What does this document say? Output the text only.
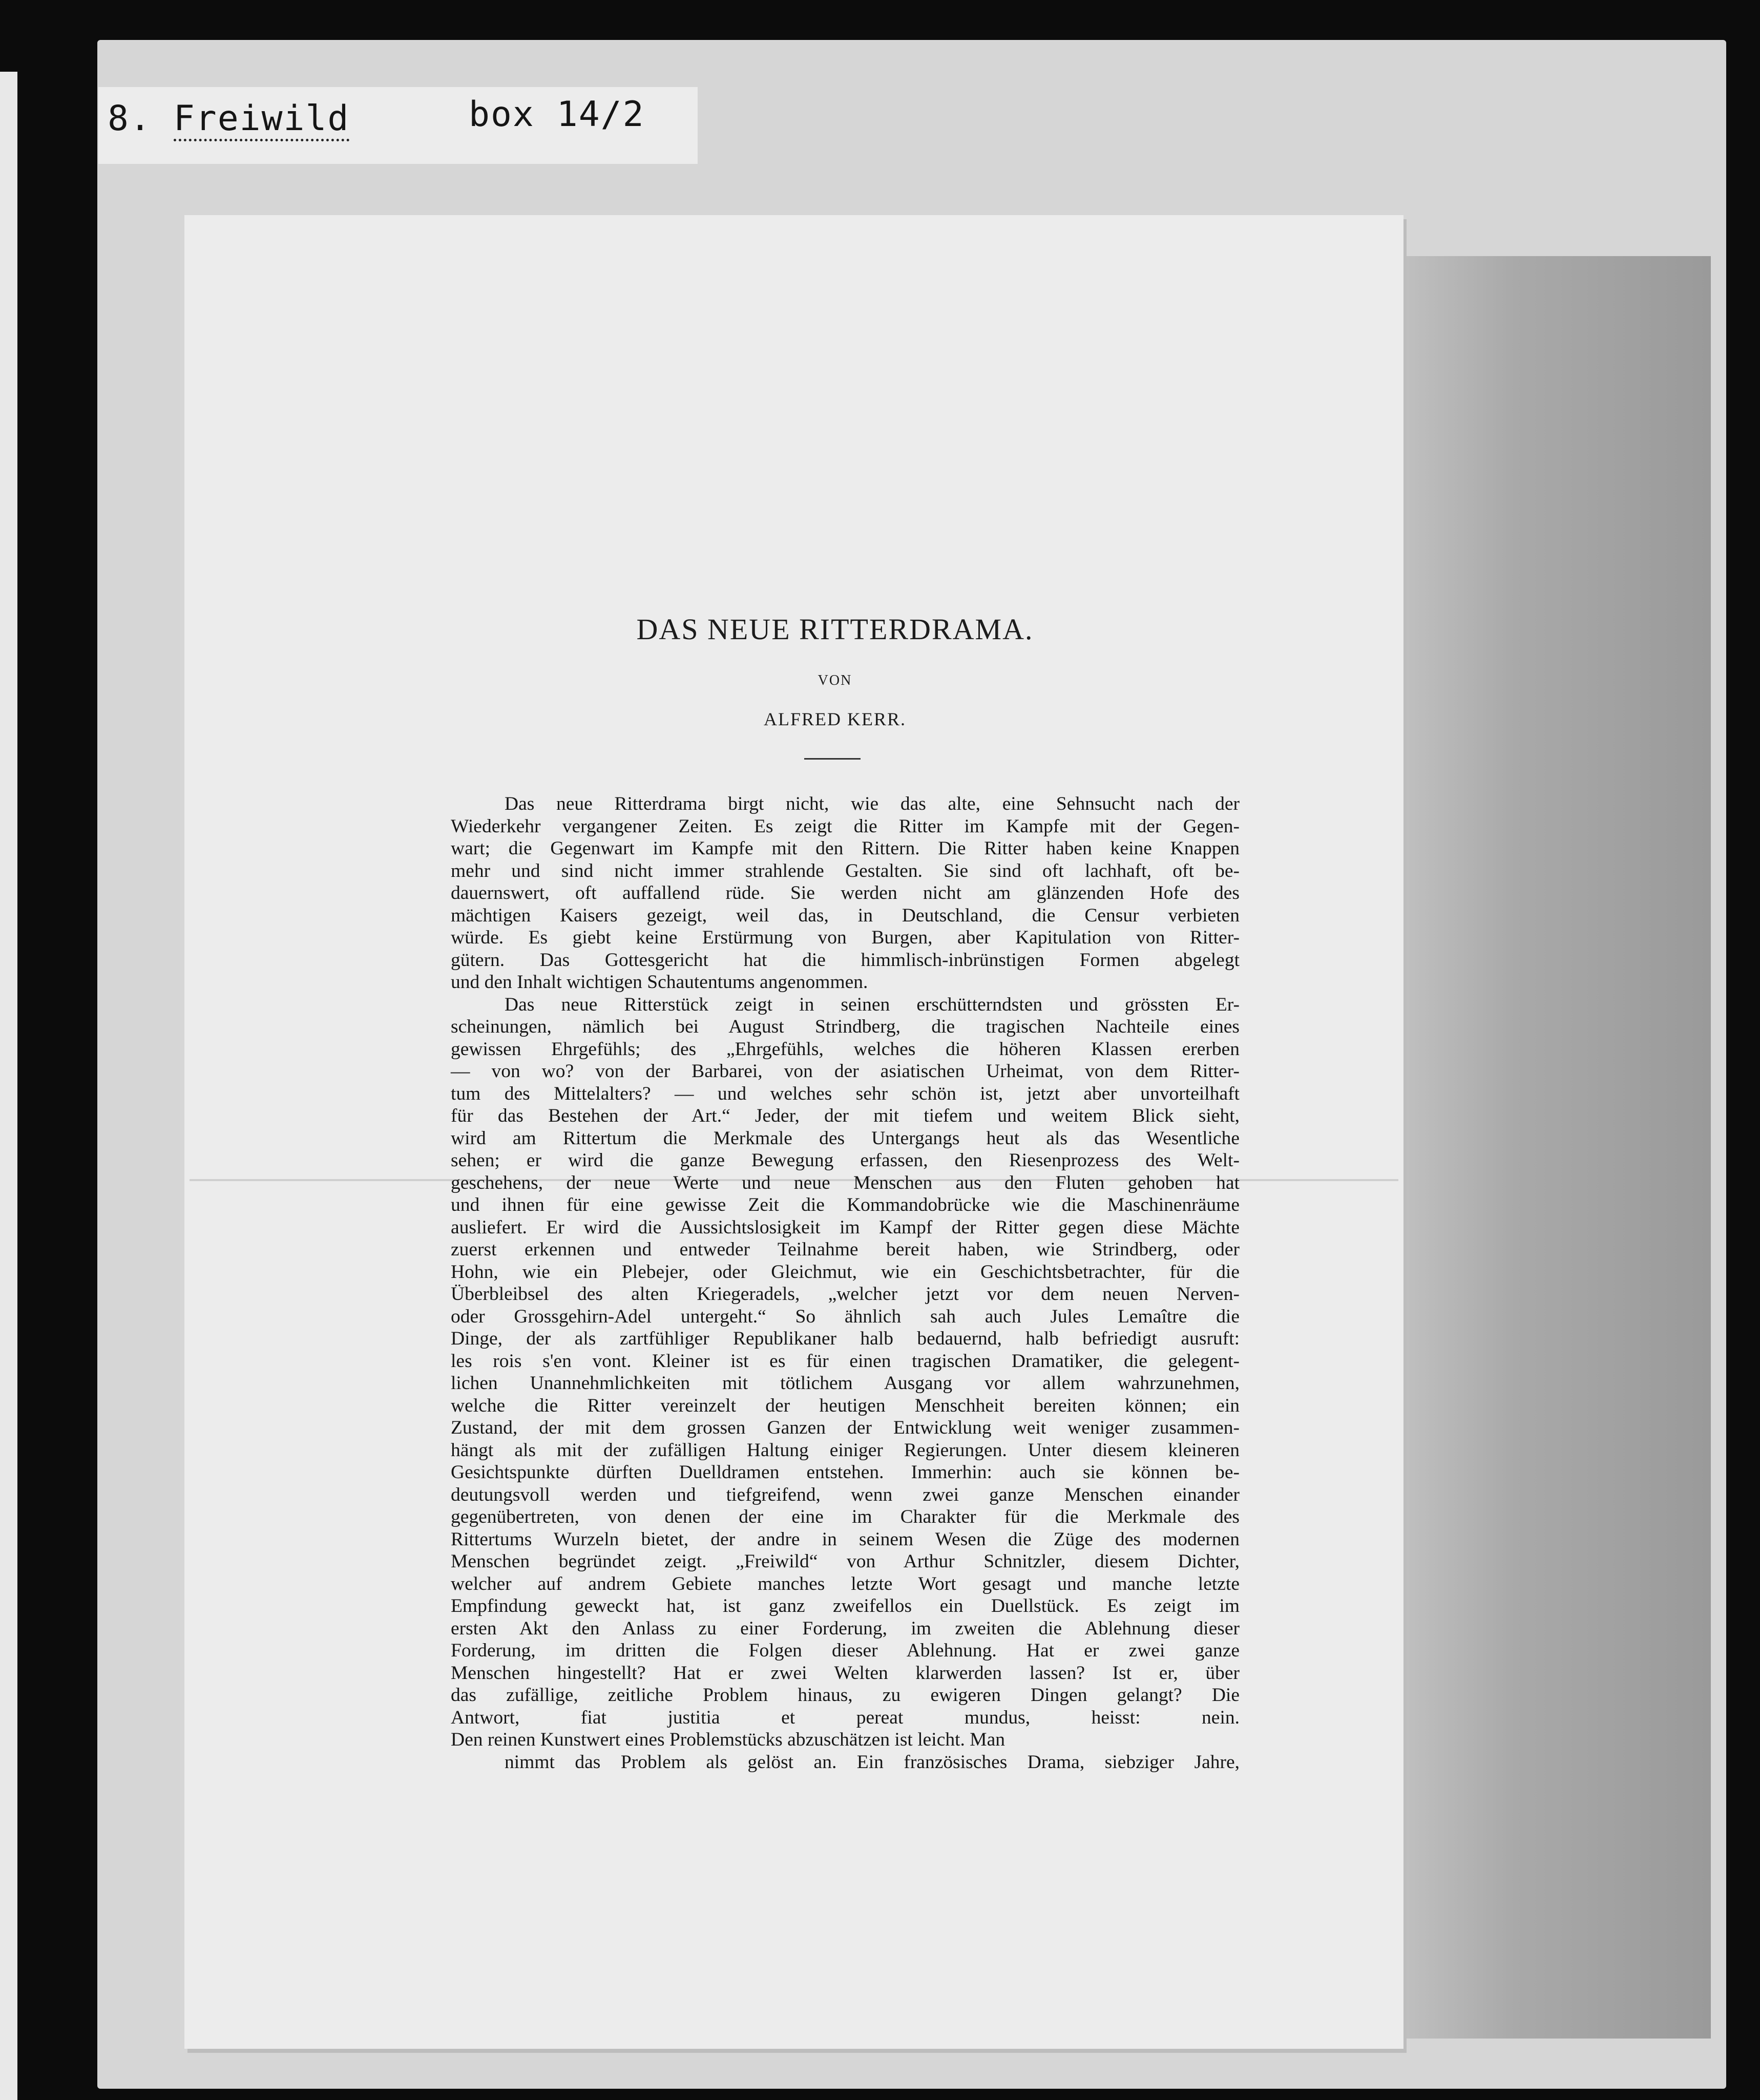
8. Freiwild	box 14/2
DAS NEUE RITTERDRAMA.
VON
ALFRED KERR.
Das neue Ritterdrama birgt nicht, wie das alte, eine Sehnsucht nach der
Wiederkehr vergangener Zeiten. Es zeigt die Ritter im Kampfe mit der Gegen-
wart; die Gegenwart im Kampfe mit den Rittern. Die Ritter haben keine Knappen
mehr und sind nicht immer strahlende Gestalten. Sie sind oft lachhaft, oft be-
dauernswert, oft auffallend rüde. Sie werden nicht am glänzenden Hofe des
mächtigen Kaisers gezeigt, weil das, in Deutschland, die Censur verbieten
würde. Es giebt keine Erstürmung von Burgen, aber Kapitulation von Ritter-
gütern. Das Gottesgericht hat die himmlisch-inbrünstigen Formen abgelegt
und den Inhalt wichtigen Schautentums angenommen.
Das neue Ritterstück zeigt in seinen erschütterndsten und grössten Er-
scheinungen, nämlich bei August Strindberg, die tragischen Nachteile eines
gewissen Ehrgefühls; des „Ehrgefühls, welches die höheren Klassen ererben
— von wo? von der Barbarei, von der asiatischen Urheimat, von dem Ritter-
tum des Mittelalters? — und welches sehr schön ist, jetzt aber unvorteilhaft
für das Bestehen der Art.“ Jeder, der mit tiefem und weitem Blick sieht,
wird am Rittertum die Merkmale des Untergangs heut als das Wesentliche
sehen; er wird die ganze Bewegung erfassen, den Riesenprozess des Welt-
geschehens, der neue Werte und neue Menschen aus den Fluten gehoben hat
und ihnen für eine gewisse Zeit die Kommandobrücke wie die Maschinenräume
ausliefert. Er wird die Aussichtslosigkeit im Kampf der Ritter gegen diese Mächte
zuerst erkennen und entweder Teilnahme bereit haben, wie Strindberg, oder
Hohn, wie ein Plebejer, oder Gleichmut, wie ein Geschichtsbetrachter, für die
Überbleibsel des alten Kriegeradels, „welcher jetzt vor dem neuen Nerven-
oder Grossgehirn-Adel untergeht.“ So ähnlich sah auch Jules Lemaître die
Dinge, der als zartfühliger Republikaner halb bedauernd, halb befriedigt ausruft:
les rois s'en vont. Kleiner ist es für einen tragischen Dramatiker, die gelegent-
lichen Unannehmlichkeiten mit tötlichem Ausgang vor allem wahrzunehmen,
welche die Ritter vereinzelt der heutigen Menschheit bereiten können; ein
Zustand, der mit dem grossen Ganzen der Entwicklung weit weniger zusammen-
hängt als mit der zufälligen Haltung einiger Regierungen. Unter diesem kleineren
Gesichtspunkte dürften Duelldramen entstehen. Immerhin: auch sie können be-
deutungsvoll werden und tiefgreifend, wenn zwei ganze Menschen einander
gegenübertreten, von denen der eine im Charakter für die Merkmale des
Rittertums Wurzeln bietet, der andre in seinem Wesen die Züge des modernen
Menschen begründet zeigt. „Freiwild“ von Arthur Schnitzler, diesem Dichter,
welcher auf andrem Gebiete manches letzte Wort gesagt und manche letzte
Empfindung geweckt hat, ist ganz zweifellos ein Duellstück. Es zeigt im
ersten Akt den Anlass zu einer Forderung, im zweiten die Ablehnung dieser
Forderung, im dritten die Folgen dieser Ablehnung. Hat er zwei ganze
Menschen hingestellt? Hat er zwei Welten klarwerden lassen? Ist er, über
das zufällige, zeitliche Problem hinaus, zu ewigeren Dingen gelangt? Die
Antwort, fiat justitia et pereat mundus, heisst: nein.
Den reinen Kunstwert eines Problemstücks abzuschätzen ist leicht. Man
nimmt das Problem als gelöst an. Ein französisches Drama, siebziger Jahre,
